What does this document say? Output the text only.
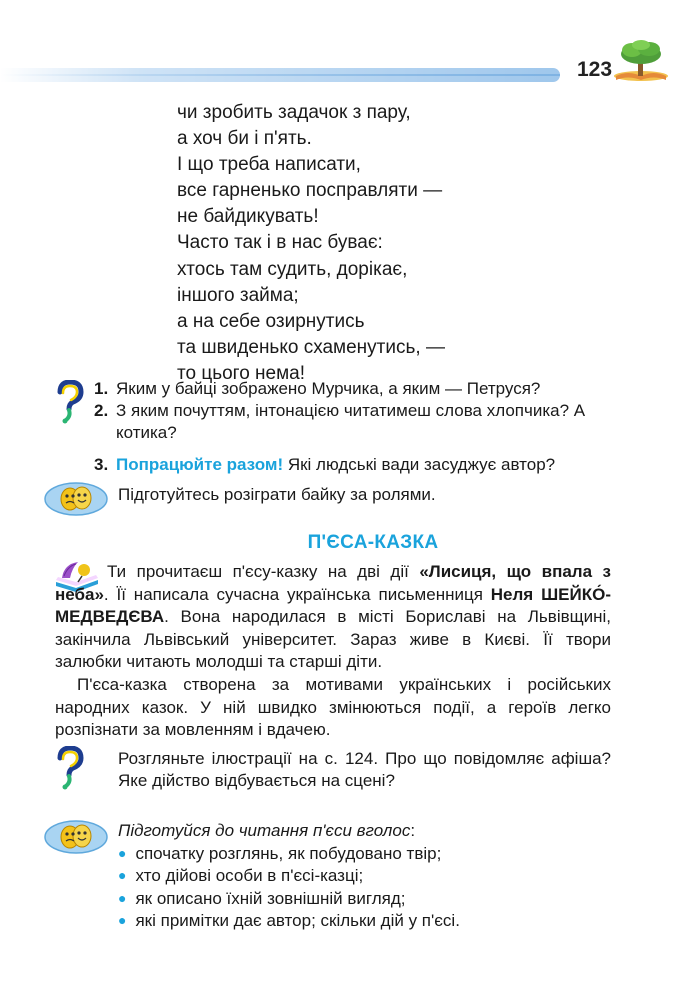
123
чи зробить задачок з пару,
а хоч би і п'ять.
І що треба написати,
все гарненько посправляти —
не байдикувать!
Часто так і в нас буває:
хтось там судить, дорікає,
іншого займа;
а на себе озирнутись
та швиденько схаменутись, —
то цього нема!
1. Яким у байці зображено Мурчика, а яким — Петруся?
2. З яким почуттям, інтонацією читатимеш слова хлопчика? А котика?
3. Попрацюйте разом! Які людські вади засуджує автор?
Підготуйтесь розіграти байку за ролями.
П'ЄСА-КАЗКА
Ти прочитаєш п'єсу-казку на дві дії «Лисиця, що впала з неба». Її написала сучасна українська письменниця Неля ШЕЙКО́-МЕДВЕДЄВА. Вона народилася в місті Бориславі на Львівщині, закінчила Львівський університет. Зараз живе в Києві. Її твори залюбки читають молодші та старші діти.
П'єса-казка створена за мотивами українських і російських народних казок. У ній швидко змінюються події, а героїв легко розпізнати за мовленням і вдачею.
Розгляньте ілюстрації на с. 124. Про що повідомляє афіша? Яке дійство відбувається на сцені?
Підготуйся до читання п'єси вголос:
● спочатку розглянь, як побудовано твір;
● хто дійові особи в п'єсі-казці;
● як описано їхній зовнішній вигляд;
● які примітки дає автор; скільки дій у п'єсі.
